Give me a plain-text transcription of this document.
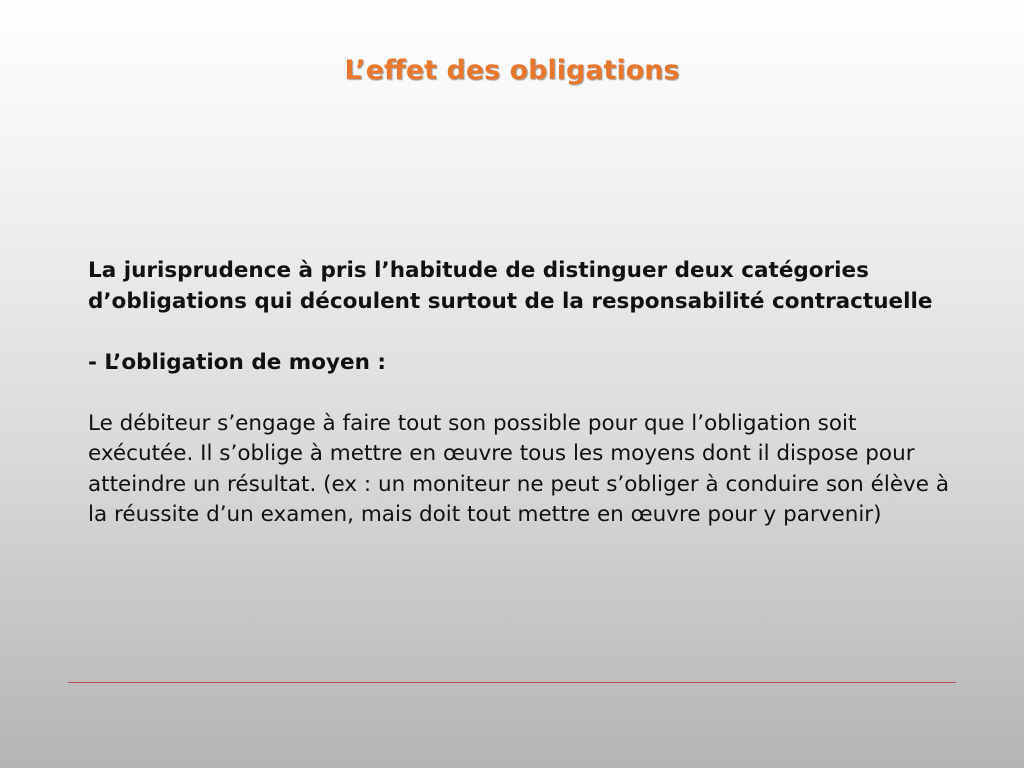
L’effet des obligations

La jurisprudence à pris l’habitude de distinguer deux catégories d’obligations qui découlent surtout de la responsabilité contractuelle

- L’obligation de moyen :

Le débiteur s’engage à faire tout son possible pour que l’obligation soit exécutée. Il s’oblige à mettre en œuvre tous les moyens dont il dispose pour atteindre un résultat. (ex : un moniteur ne peut s’obliger à conduire son élève à la réussite d’un examen, mais doit tout mettre en œuvre pour y parvenir)
